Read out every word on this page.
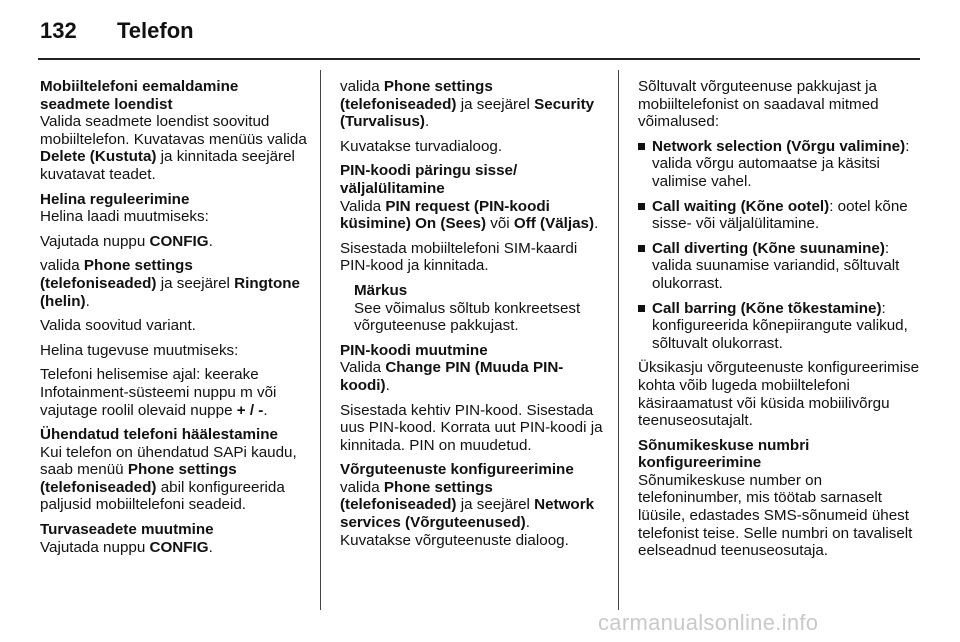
132 Telefon
Mobiiltelefoni eemaldamine seadmete loendist
Valida seadmete loendist soovitud mobiiltelefon. Kuvatavas menüüs valida Delete (Kustuta) ja kinnitada seejärel kuvatavat teadet.
Helina reguleerimine
Helina laadi muutmiseks:
Vajutada nuppu CONFIG.
valida Phone settings (telefoniseaded) ja seejärel Ringtone (helin).
Valida soovitud variant.
Helina tugevuse muutmiseks:
Telefoni helisemise ajal: keerake Infotainment-süsteemi nuppu m või vajutage roolil olevaid nuppe + / -.
Ühendatud telefoni häälestamine
Kui telefon on ühendatud SAPi kaudu, saab menüü Phone settings (telefoniseaded) abil konfigureerida paljusid mobiiltelefoni seadeid.
Turvaseadete muutmine
Vajutada nuppu CONFIG.
valida Phone settings (telefoniseaded) ja seejärel Security (Turvalisus).
Kuvatakse turvadialoog.
PIN-koodi päringu sisse/ väljalülitamine
Valida PIN request (PIN-koodi küsimine) On (Sees) või Off (Väljas).
Sisestada mobiiltelefoni SIM-kaardi PIN-kood ja kinnitada.
Märkus
See võimalus sõltub konkreetsest võrguteenuse pakkujast.
PIN-koodi muutmine
Valida Change PIN (Muuda PIN-koodi).
Sisestada kehtiv PIN-kood. Sisestada uus PIN-kood. Korrata uut PIN-koodi ja kinnitada. PIN on muudetud.
Võrguteenuste konfigureerimine
valida Phone settings (telefoniseaded) ja seejärel Network services (Võrguteenused).
Kuvatakse võrguteenuste dialoog.
Sõltuvalt võrguteenuse pakkujast ja mobiiltelefonist on saadaval mitmed võimalused:
Network selection (Võrgu valimine): valida võrgu automaatse ja käsitsi valimise vahel.
Call waiting (Kõne ootel): ootel kõne sisse- või väljalülitamine.
Call diverting (Kõne suunamine): valida suunamise variandid, sõltuvalt olukorrast.
Call barring (Kõne tõkestamine): konfigureerida kõnepiirangute valikud, sõltuvalt olukorrast.
Üksikasju võrguteenuste konfigureerimise kohta võib lugeda mobiiltelefoni käsiraamatust või küsida mobiilivõrgu teenuseosutajalt.
Sõnumikeskuse numbri konfigureerimine
Sõnumikeskuse number on telefoninumber, mis töötab sarnaselt lüüsile, edastades SMS-sõnumeid ühest telefonist teise. Selle numbri on tavaliselt eelseadnud teenuseosutaja.
carmanualsonline.info
